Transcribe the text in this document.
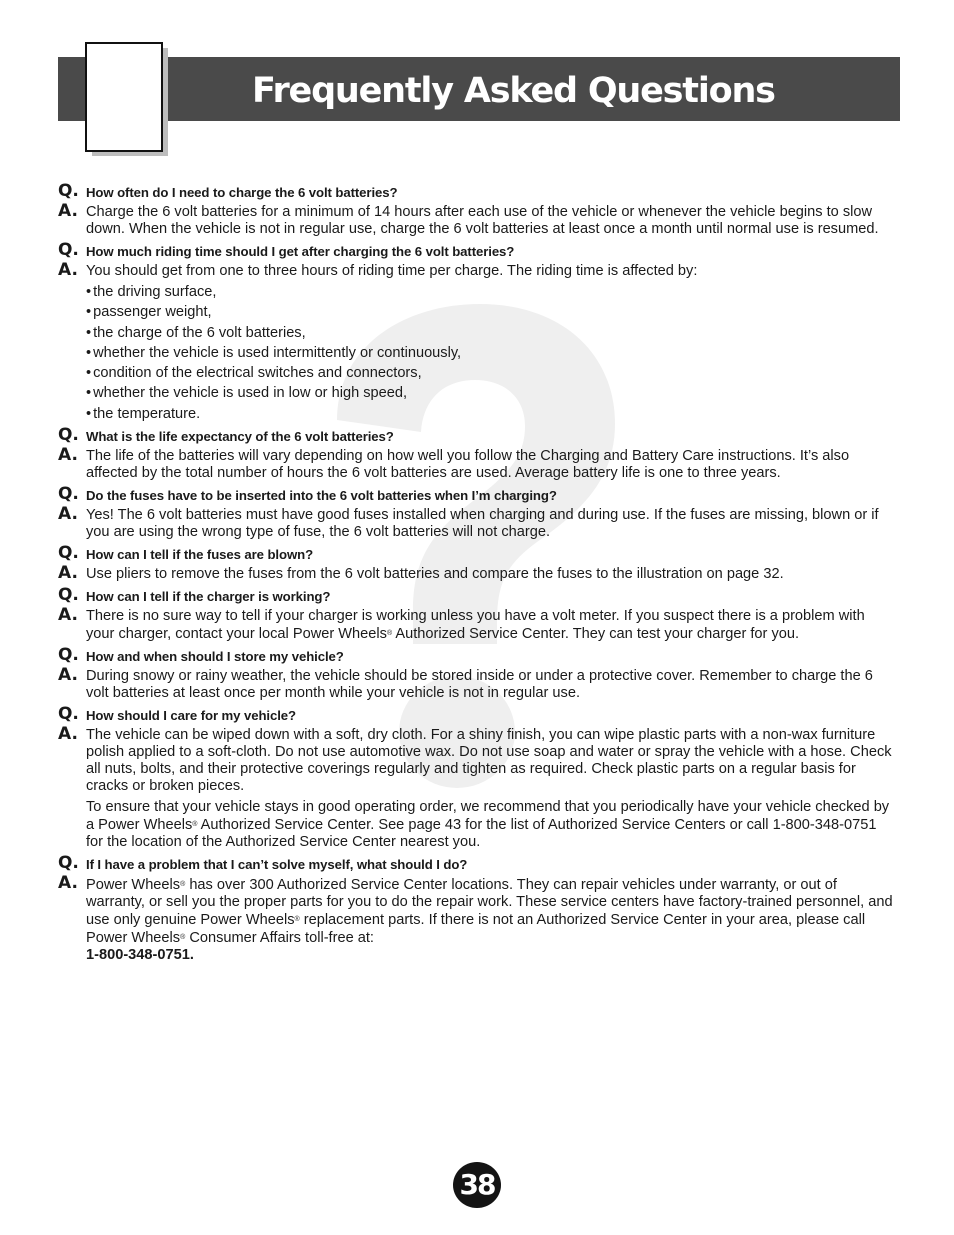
Frequently Asked Questions
Q. How often do I need to charge the 6 volt batteries?
A. Charge the 6 volt batteries for a minimum of 14 hours after each use of the vehicle or whenever the vehicle begins to slow down. When the vehicle is not in regular use, charge the 6 volt batteries at least once a month until normal use is resumed.

Q. How much riding time should I get after charging the 6 volt batteries?
A. You should get from one to three hours of riding time per charge. The riding time is affected by:

• the driving surface,
• passenger weight,
• the charge of the 6 volt batteries,
• whether the vehicle is used intermittently or continuously,
• condition of the electrical switches and connectors,
• whether the vehicle is used in low or high speed,
• the temperature.
Q. What is the life expectancy of the 6 volt batteries?
A. The life of the batteries will vary depending on how well you follow the Charging and Battery Care instructions. It’s also affected by the total number of hours the 6 volt batteries are used. Average battery life is one to three years.

Q. Do the fuses have to be inserted into the 6 volt batteries when I’m charging?
A. Yes! The 6 volt batteries must have good fuses installed when charging and during use. If the fuses are missing, blown or if you are using the wrong type of fuse, the 6 volt batteries will not charge.

Q. How can I tell if the fuses are blown?
A. Use pliers to remove the fuses from the 6 volt batteries and compare the fuses to the illustration on page 32.

Q. How can I tell if the charger is working?
A. There is no sure way to tell if your charger is working unless you have a volt meter. If you suspect there is a problem with your charger, contact your local Power Wheels® Authorized Service Center. They can test your charger for you.

Q. How and when should I store my vehicle?
A. During snowy or rainy weather, the vehicle should be stored inside or under a protective cover. Remember to charge the 6 volt batteries at least once per month while your vehicle is not in regular use.

Q. How should I care for my vehicle?
A. The vehicle can be wiped down with a soft, dry cloth. For a shiny finish, you can wipe plastic parts with a non-wax furniture polish applied to a soft-cloth. Do not use automotive wax. Do not use soap and water or spray the vehicle with a hose. Check all nuts, bolts, and their protective coverings regularly and tighten as required. Check plastic parts on a regular basis for cracks or broken pieces.

To ensure that your vehicle stays in good operating order, we recommend that you periodically have your vehicle checked by a Power Wheels® Authorized Service Center. See page 43 for the list of Authorized Service Centers or call 1-800-348-0751 for the location of the Authorized Service Center nearest you.

Q. If I have a problem that I can’t solve myself, what should I do?
A. Power Wheels® has over 300 Authorized Service Center locations. They can repair vehicles under warranty, or out of warranty, or sell you the proper parts for you to do the repair work. These service centers have factory-trained personnel, and use only genuine Power Wheels® replacement parts. If there is not an Authorized Service Center in your area, please call Power Wheels® Consumer Affairs toll-free at:
1-800-348-0751.

38
